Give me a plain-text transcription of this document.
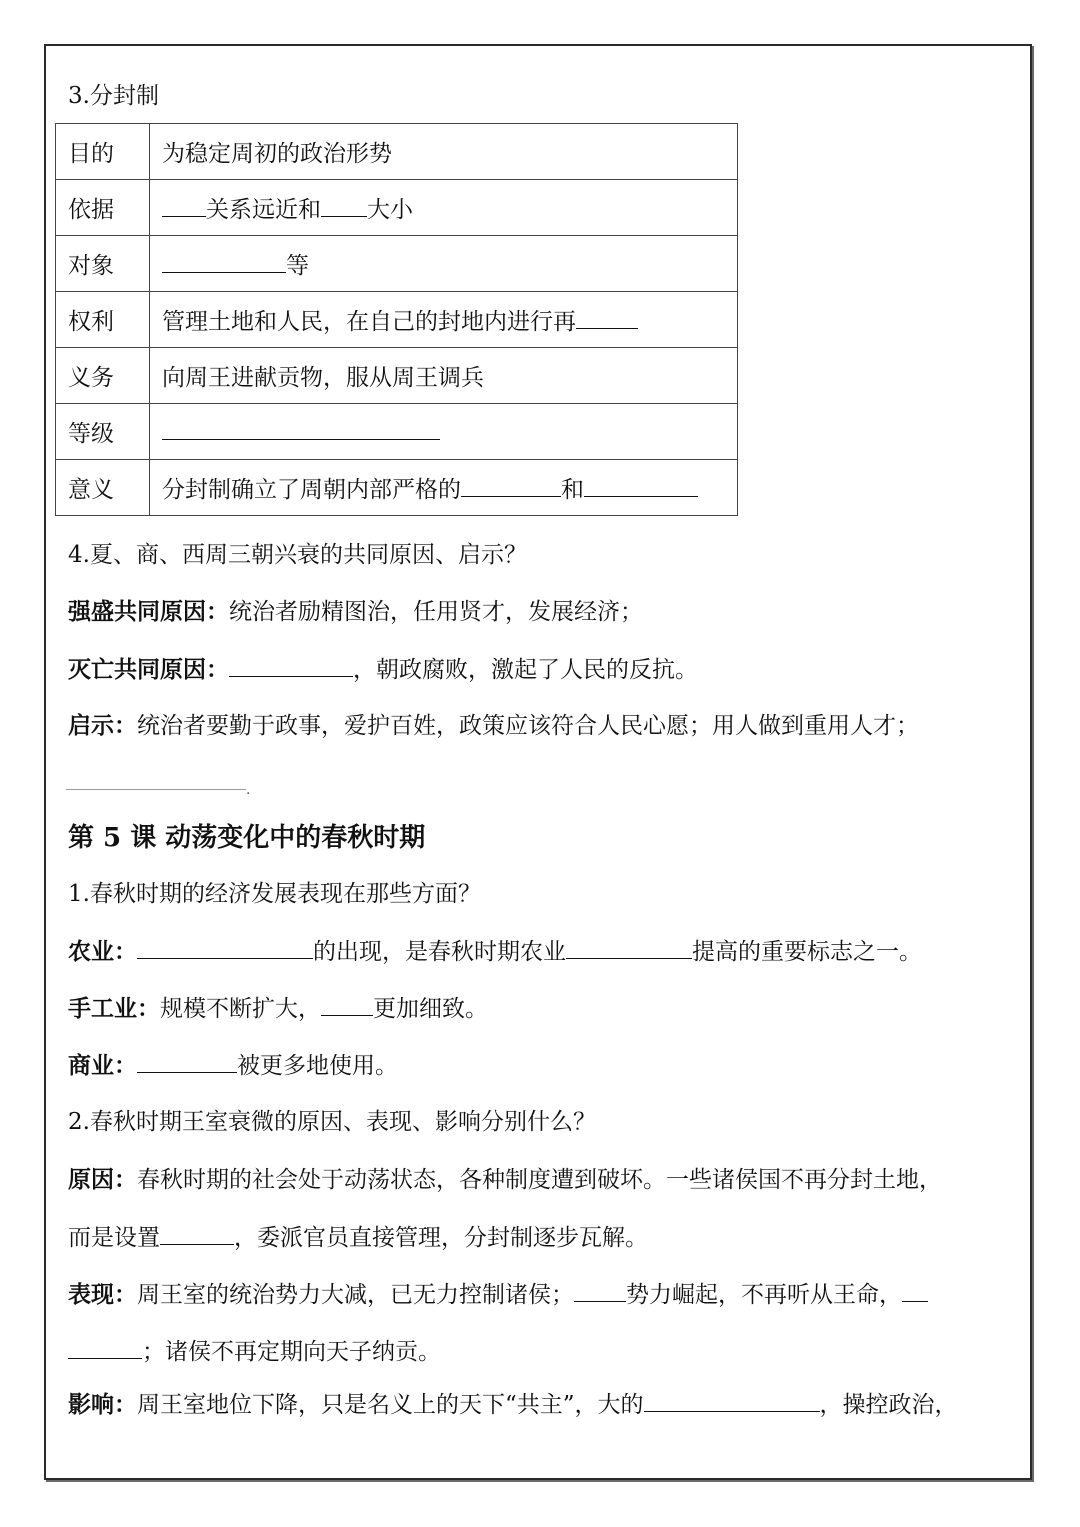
3.分封制
目的	为稳定周初的政治形势
依据	关系远近和 大小
对象	等
权利	管理土地和人民，在自己的封地内进行再
义务	向周王进献贡物，服从周王调兵
等级	
意义	分封制确立了周朝内部严格的 和
4.夏、商、西周三朝兴衰的共同原因、启示？
强盛共同原因：统治者励精图治，任用贤才，发展经济；
灭亡共同原因：	，朝政腐败，激起了人民的反抗。
启示：统治者要勤于政事，爱护百姓，政策应该符合人民心愿；用人做到重用人才；
.
第 5 课 动荡变化中的春秋时期
1.春秋时期的经济发展表现在那些方面？
农业：	的出现，是春秋时期农业	提高的重要标志之一。
手工业：规模不断扩大， 更加细致。
商业：	被更多地使用。
2.春秋时期王室衰微的原因、表现、影响分别什么？
原因：春秋时期的社会处于动荡状态，各种制度遭到破坏。一些诸侯国不再分封土地，
而是设置	，委派官员直接管理，分封制逐步瓦解。
表现：周王室的统治势力大减，已无力控制诸侯； 势力崛起，不再听从王命，
；诸侯不再定期向天子纳贡。
影响：周王室地位下降，只是名义上的天下“共主”，大的	，操控政治，
